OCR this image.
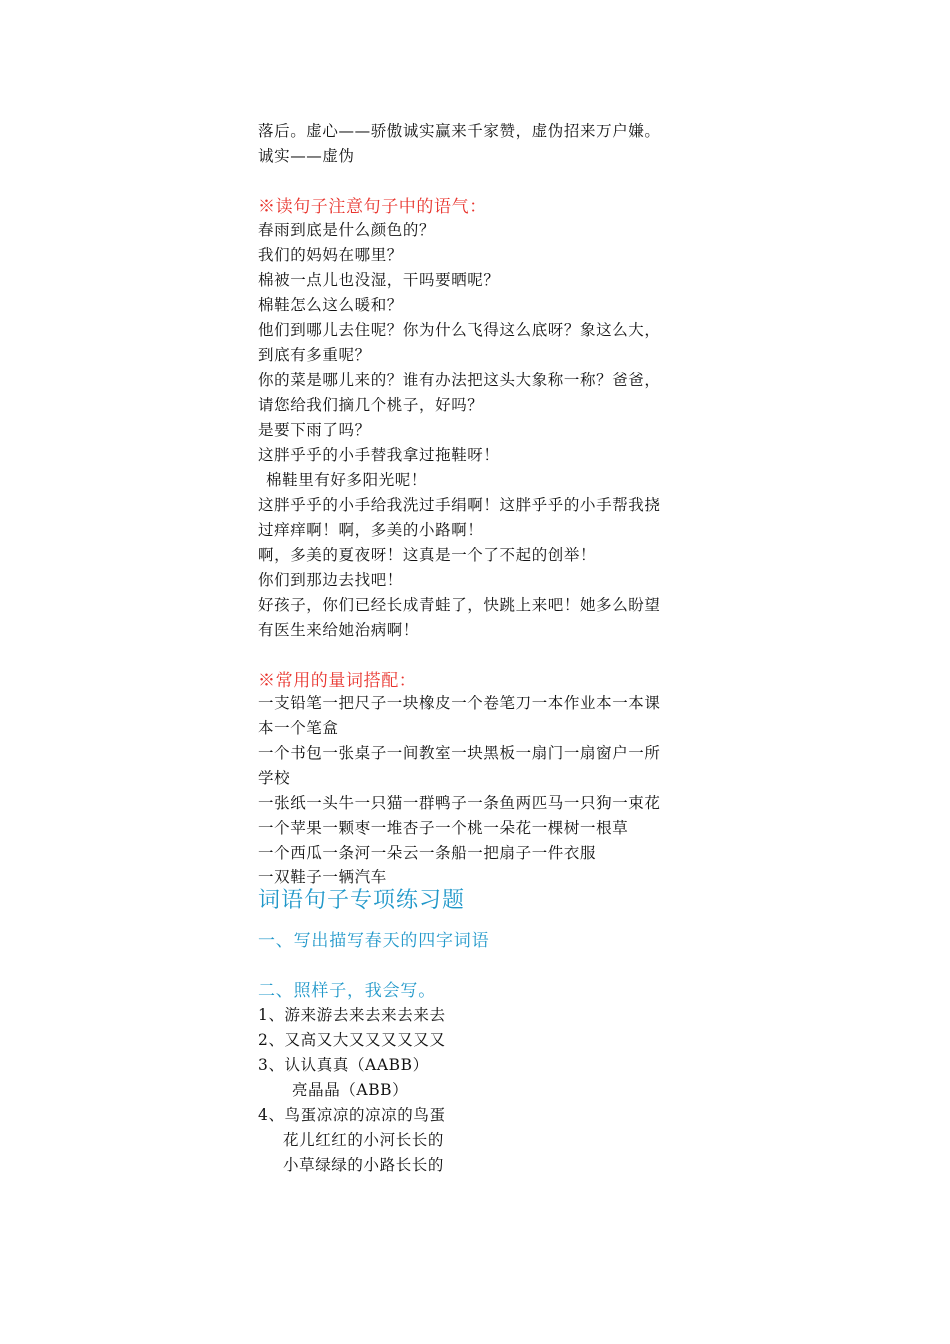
落后。虚心——骄傲诚实赢来千家赞，虚伪招来万户嫌。
诚实——虚伪
※读句子注意句子中的语气：
春雨到底是什么颜色的？
我们的妈妈在哪里？
棉被一点儿也没湿，干吗要晒呢？
棉鞋怎么这么暖和？
他们到哪儿去住呢？你为什么飞得这么底呀？象这么大，
到底有多重呢？
你的菜是哪儿来的？谁有办法把这头大象称一称？爸爸，
请您给我们摘几个桃子，好吗？
是要下雨了吗？
这胖乎乎的小手替我拿过拖鞋呀！
棉鞋里有好多阳光呢！
这胖乎乎的小手给我洗过手绢啊！这胖乎乎的小手帮我挠
过痒痒啊！啊，多美的小路啊！
啊，多美的夏夜呀！这真是一个了不起的创举！
你们到那边去找吧！
好孩子，你们已经长成青蛙了，快跳上来吧！她多么盼望
有医生来给她治病啊！
※常用的量词搭配：
一支铅笔一把尺子一块橡皮一个卷笔刀一本作业本一本课
本一个笔盒
一个书包一张桌子一间教室一块黑板一扇门一扇窗户一所
学校
一张纸一头牛一只猫一群鸭子一条鱼两匹马一只狗一束花
一个苹果一颗枣一堆杏子一个桃一朵花一棵树一根草
一个西瓜一条河一朵云一条船一把扇子一件衣服
一双鞋子一辆汽车
词语句子专项练习题
一、写出描写春天的四字词语
二、照样子，我会写。
1、游来游去来去来去来去
2、又高又大又又又又又又
3、认认真真（AABB）
亮晶晶（ABB）
4、鸟蛋凉凉的凉凉的鸟蛋
花儿红红的小河长长的
小草绿绿的小路长长的
